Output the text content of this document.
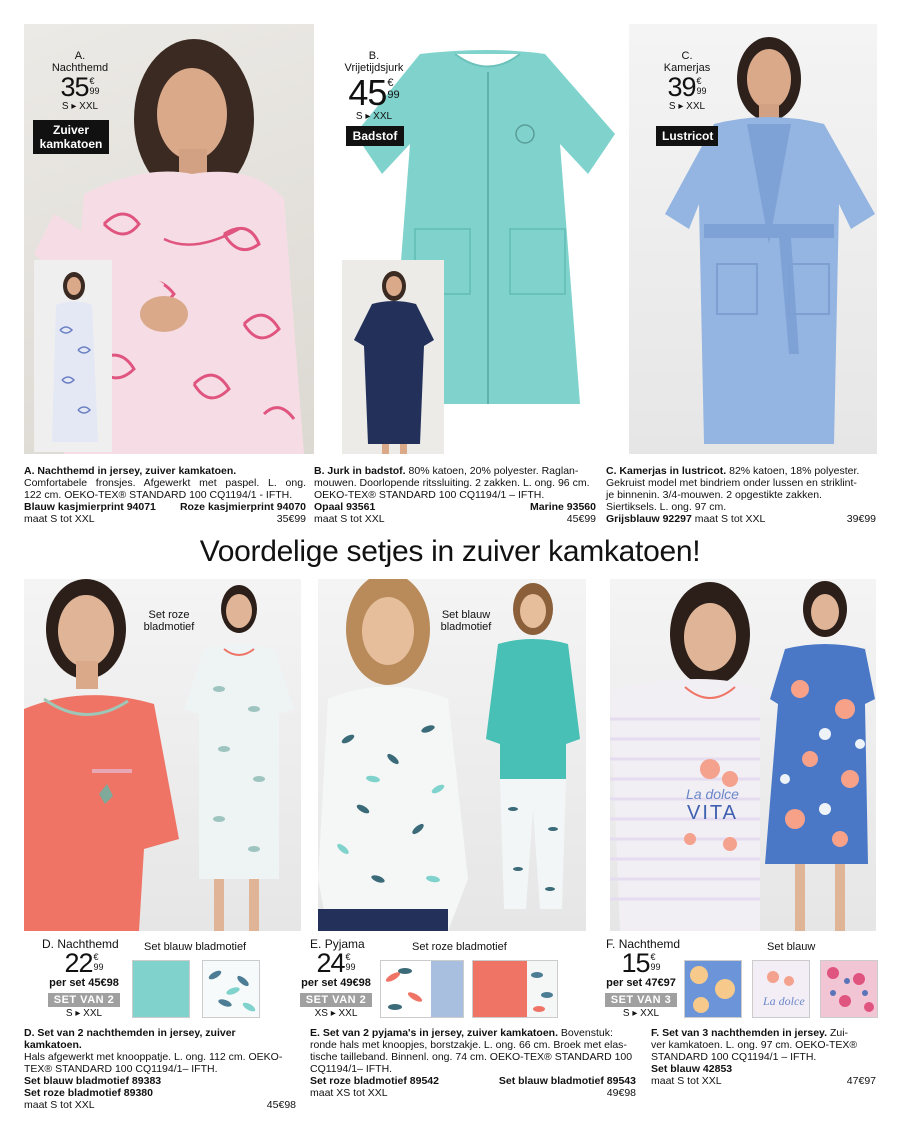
A.
Nachthemd
35 €
99
S ▸ XXL
Zuiver
kamkatoen
B.
Vrijetijdsjurk
45 €
99
S ▸ XXL
Badstof
C.
Kamerjas
39 €
99
S ▸ XXL
Lustricot
A. Nachthemd in jersey, zuiver kamkatoen.
Comfortabele fronsjes. Afgewerkt met paspel. L. ong.
122 cm. OEKO-TEX® STANDARD 100 CQ1194/1 - IFTH.
Blauw kasjmierprint 94071 Roze kasjmierprint 94070
maat S tot XXL	35€99
B. Jurk in badstof. 80% katoen, 20% polyester. Raglan-
mouwen. Doorlopende ritssluiting. 2 zakken. L. ong. 96 cm.
OEKO-TEX® STANDARD 100 CQ1194/1 – IFTH.
Opaal 93561	Marine 93560
maat S tot XXL	45€99
C. Kamerjas in lustricot. 82% katoen, 18% polyester.
Gekruist model met bindriem onder lussen en striklint-
je binnenin. 3/4-mouwen. 2 opgestikte zakken.
Siertiksels. L. ong. 97 cm.
Grijsblauw 92297 maat S tot XXL	39€99
Voordelige setjes in zuiver kamkatoen!
Set roze
bladmotief
Set blauw
bladmotief
La dolce
VITA
D. Nachthemd
22 €
99
per set 45€98
SET VAN 2
S ▸ XXL
Set blauw bladmotief	E. Pyjama
24 €
99
per set 49€98
SET VAN 2
XS ▸ XXL
Set roze bladmotief	F. Nachthemd
15 €
99
per set 47€97
SET VAN 3
S ▸ XXL
Set blauw
La dolce
D. Set van 2 nachthemden in jersey, zuiver kamkatoen.
Hals afgewerkt met knooppatje. L. ong. 112 cm. OEKO-
TEX® STANDARD 100 CQ1194/1– IFTH.
Set blauw bladmotief 89383
Set roze bladmotief 89380
maat S tot XXL	45€98
E. Set van 2 pyjama's in jersey, zuiver kamkatoen. Bovenstuk:
ronde hals met knoopjes, borstzakje. L. ong. 66 cm. Broek met elas-
tische tailleband. Binnenl. ong. 74 cm. OEKO-TEX® STANDARD 100
CQ1194/1– IFTH.
Set roze bladmotief 89542	Set blauw bladmotief 89543
maat XS tot XXL	49€98
F. Set van 3 nachthemden in jersey. Zui-
ver kamkatoen. L. ong. 97 cm. OEKO-TEX®
STANDARD 100 CQ1194/1 – IFTH.
Set blauw 42853
maat S tot XXL	47€97
